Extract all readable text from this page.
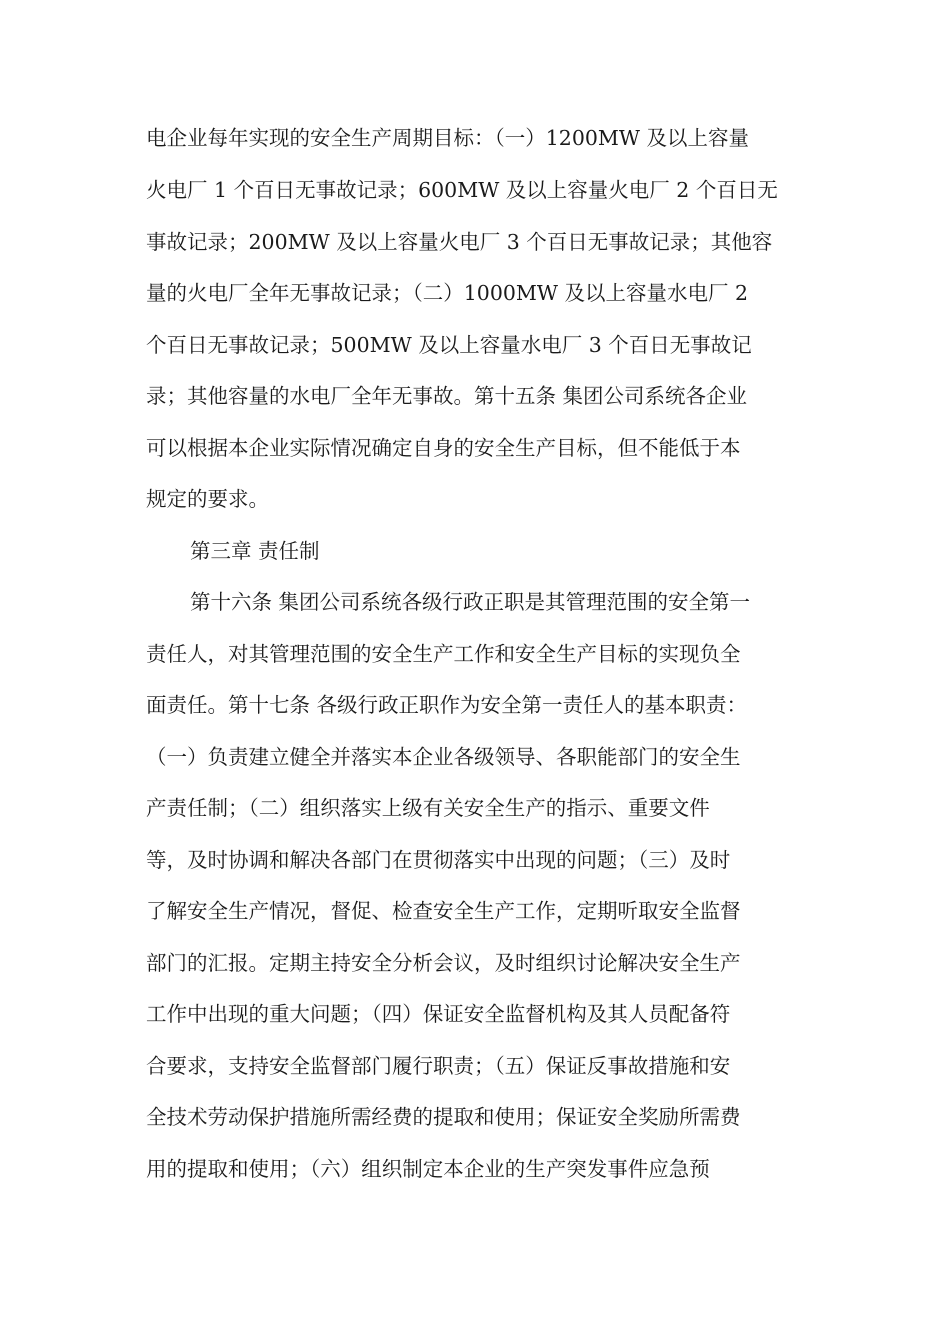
电企业每年实现的安全生产周期目标：（一）1200MW 及以上容量
火电厂 1 个百日无事故记录；600MW 及以上容量火电厂 2 个百日无
事故记录；200MW 及以上容量火电厂 3 个百日无事故记录；其他容
量的火电厂全年无事故记录；（二）1000MW 及以上容量水电厂 2
个百日无事故记录；500MW 及以上容量水电厂 3 个百日无事故记
录；其他容量的水电厂全年无事故。第十五条 集团公司系统各企业
可以根据本企业实际情况确定自身的安全生产目标，但不能低于本
规定的要求。
第三章 责任制
第十六条 集团公司系统各级行政正职是其管理范围的安全第一
责任人，对其管理范围的安全生产工作和安全生产目标的实现负全
面责任。第十七条 各级行政正职作为安全第一责任人的基本职责：
（一）负责建立健全并落实本企业各级领导、各职能部门的安全生
产责任制；（二）组织落实上级有关安全生产的指示、重要文件
等，及时协调和解决各部门在贯彻落实中出现的问题；（三）及时
了解安全生产情况，督促、检查安全生产工作，定期听取安全监督
部门的汇报。定期主持安全分析会议，及时组织讨论解决安全生产
工作中出现的重大问题；（四）保证安全监督机构及其人员配备符
合要求，支持安全监督部门履行职责；（五）保证反事故措施和安
全技术劳动保护措施所需经费的提取和使用；保证安全奖励所需费
用的提取和使用；（六）组织制定本企业的生产突发事件应急预
